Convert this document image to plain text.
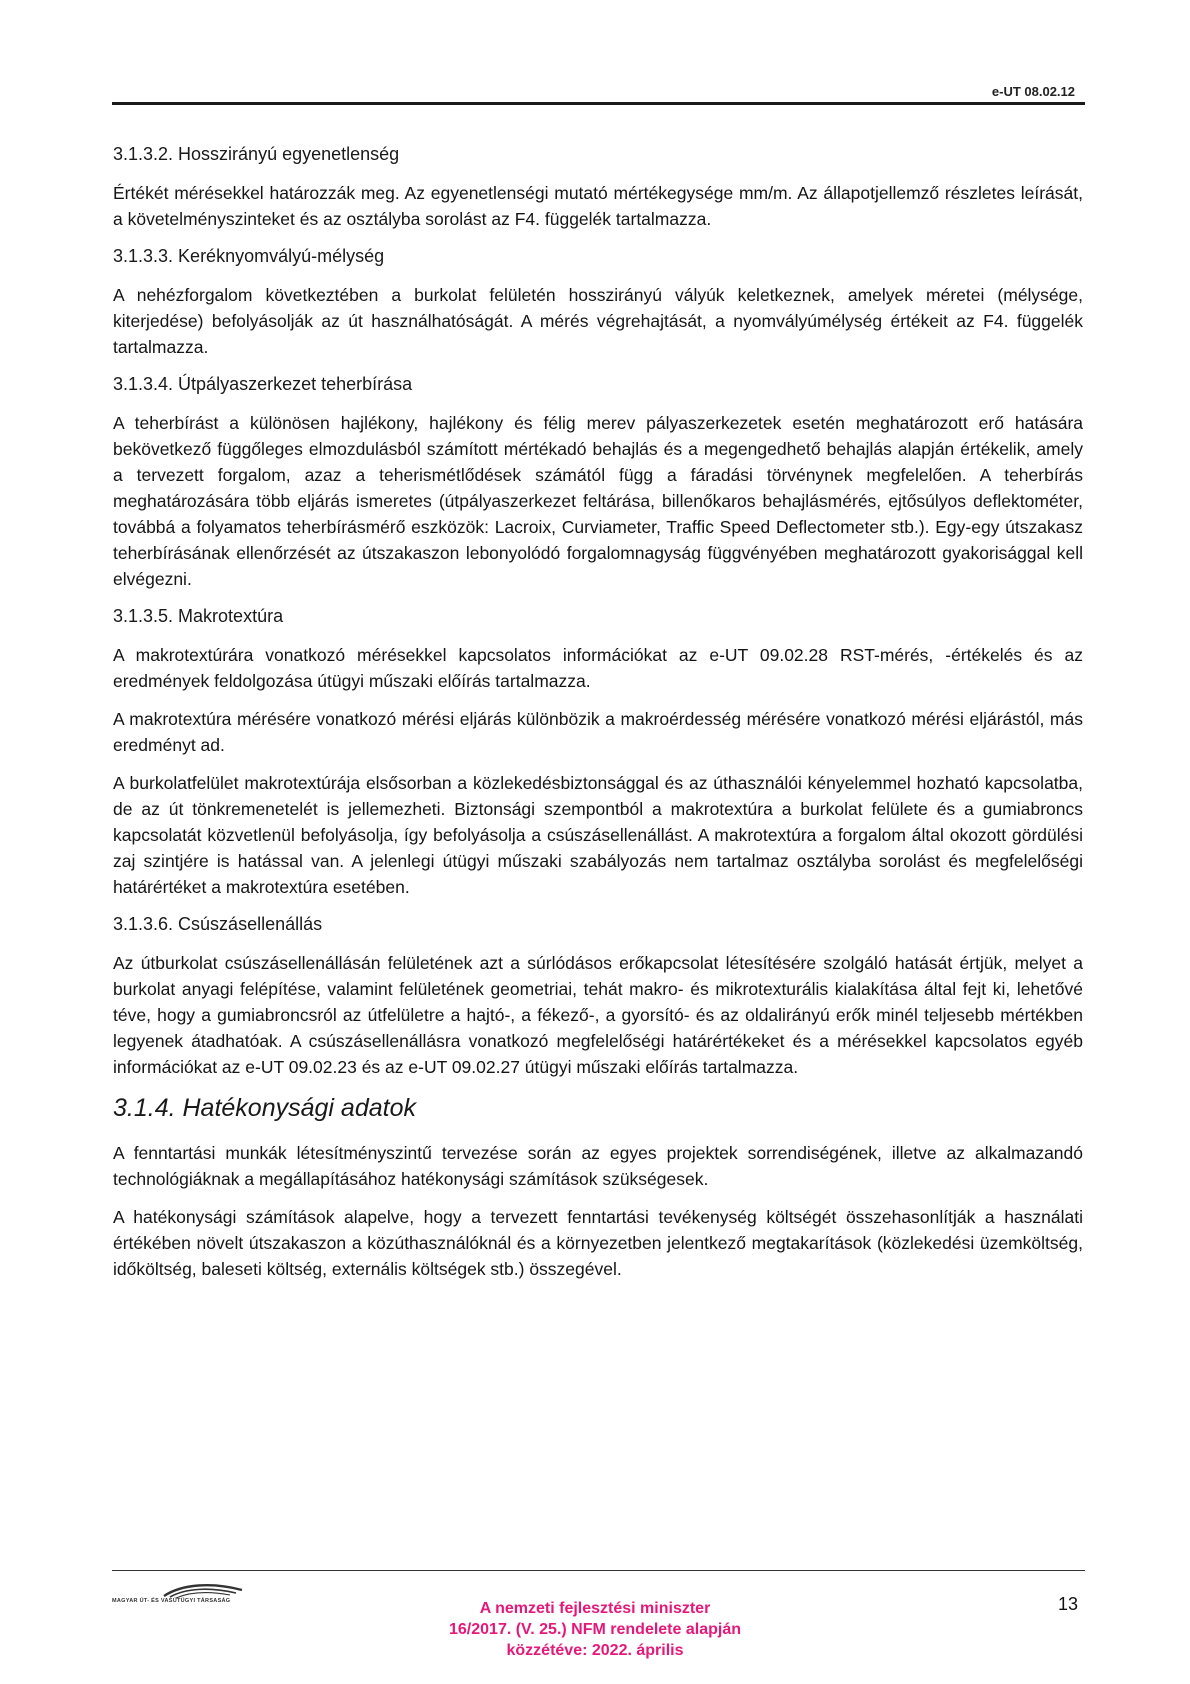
e-UT 08.02.12
3.1.3.2. Hosszirányú egyenetlenség

Értékét mérésekkel határozzák meg. Az egyenetlenségi mutató mértékegysége mm/m. Az állapotjellemző részletes leírását, a követelményszinteket és az osztályba sorolást az F4. függelék tartalmazza.

3.1.3.3. Keréknyomvályú-mélység

A nehézforgalom következtében a burkolat felületén hosszirányú vályúk keletkeznek, amelyek méretei (mélysége, kiterjedése) befolyásolják az út használhatóságát. A mérés végrehajtását, a nyomvályúmélység értékeit az F4. függelék tartalmazza.

3.1.3.4. Útpályaszerkezet teherbírása

A teherbírást a különösen hajlékony, hajlékony és félig merev pályaszerkezetek esetén meghatározott erő hatására bekövetkező függőleges elmozdulásból számított mértékadó behajlás és a megengedhető behajlás alapján értékelik, amely a tervezett forgalom, azaz a teherismétlődések számától függ a fáradási törvénynek megfelelően. A teherbírás meghatározására több eljárás ismeretes (útpályaszerkezet feltárása, billenőkaros behajlásmérés, ejtősúlyos deflektométer, továbbá a folyamatos teherbírásmérő eszközök: Lacroix, Curviameter, Traffic Speed Deflectometer stb.). Egy-egy útszakasz teherbírásának ellenőrzését az útszakaszon lebonyolódó forgalomnagyság függvényében meghatározott gyakorisággal kell elvégezni.

3.1.3.5. Makrotextúra

A makrotextúrára vonatkozó mérésekkel kapcsolatos információkat az e-UT 09.02.28 RST-mérés, -értékelés és az eredmények feldolgozása útügyi műszaki előírás tartalmazza.

A makrotextúra mérésére vonatkozó mérési eljárás különbözik a makroérdesség mérésére vonatkozó mérési eljárástól, más eredményt ad.

A burkolatfelület makrotextúrája elsősorban a közlekedésbiztonsággal és az úthasználói kényelemmel hozható kapcsolatba, de az út tönkremenetelét is jellemezheti. Biztonsági szempontból a makrotextúra a burkolat felülete és a gumiabroncs kapcsolatát közvetlenül befolyásolja, így befolyásolja a csúszásellenállást. A makrotextúra a forgalom által okozott gördülési zaj szintjére is hatással van. A jelenlegi útügyi műszaki szabályozás nem tartalmaz osztályba sorolást és megfelelőségi határértéket a makrotextúra esetében.

3.1.3.6. Csúszásellenállás

Az útburkolat csúszásellenállásán felületének azt a súrlódásos erőkapcsolat létesítésére szolgáló hatását értjük, melyet a burkolat anyagi felépítése, valamint felületének geometriai, tehát makro- és mikrotexturális kialakítása által fejt ki, lehetővé téve, hogy a gumiabroncsról az útfelületre a hajtó-, a fékező-, a gyorsító- és az oldalirányú erők minél teljesebb mértékben legyenek átadhatóak. A csúszásellenállásra vonatkozó megfelelőségi határértékeket és a mérésekkel kapcsolatos egyéb információkat az e-UT 09.02.23 és az e-UT 09.02.27 útügyi műszaki előírás tartalmazza.

3.1.4. Hatékonysági adatok

A fenntartási munkák létesítményszintű tervezése során az egyes projektek sorrendiségének, illetve az alkalmazandó technológiáknak a megállapításához hatékonysági számítások szükségesek.

A hatékonysági számítások alapelve, hogy a tervezett fenntartási tevékenység költségét összehasonlítják a használati értékében növelt útszakaszon a közúthasználóknál és a környezetben jelentkező megtakarítások (közlekedési üzemköltség, időköltség, baleseti költség, externális költségek stb.) összegével.

MAGYAR ÚT- ÉS VASÚTÜGYI TÁRSASÁG	A nemzeti fejlesztési miniszter
16/2017. (V. 25.) NFM rendelete alapján
közzétéve: 2022. április
13
